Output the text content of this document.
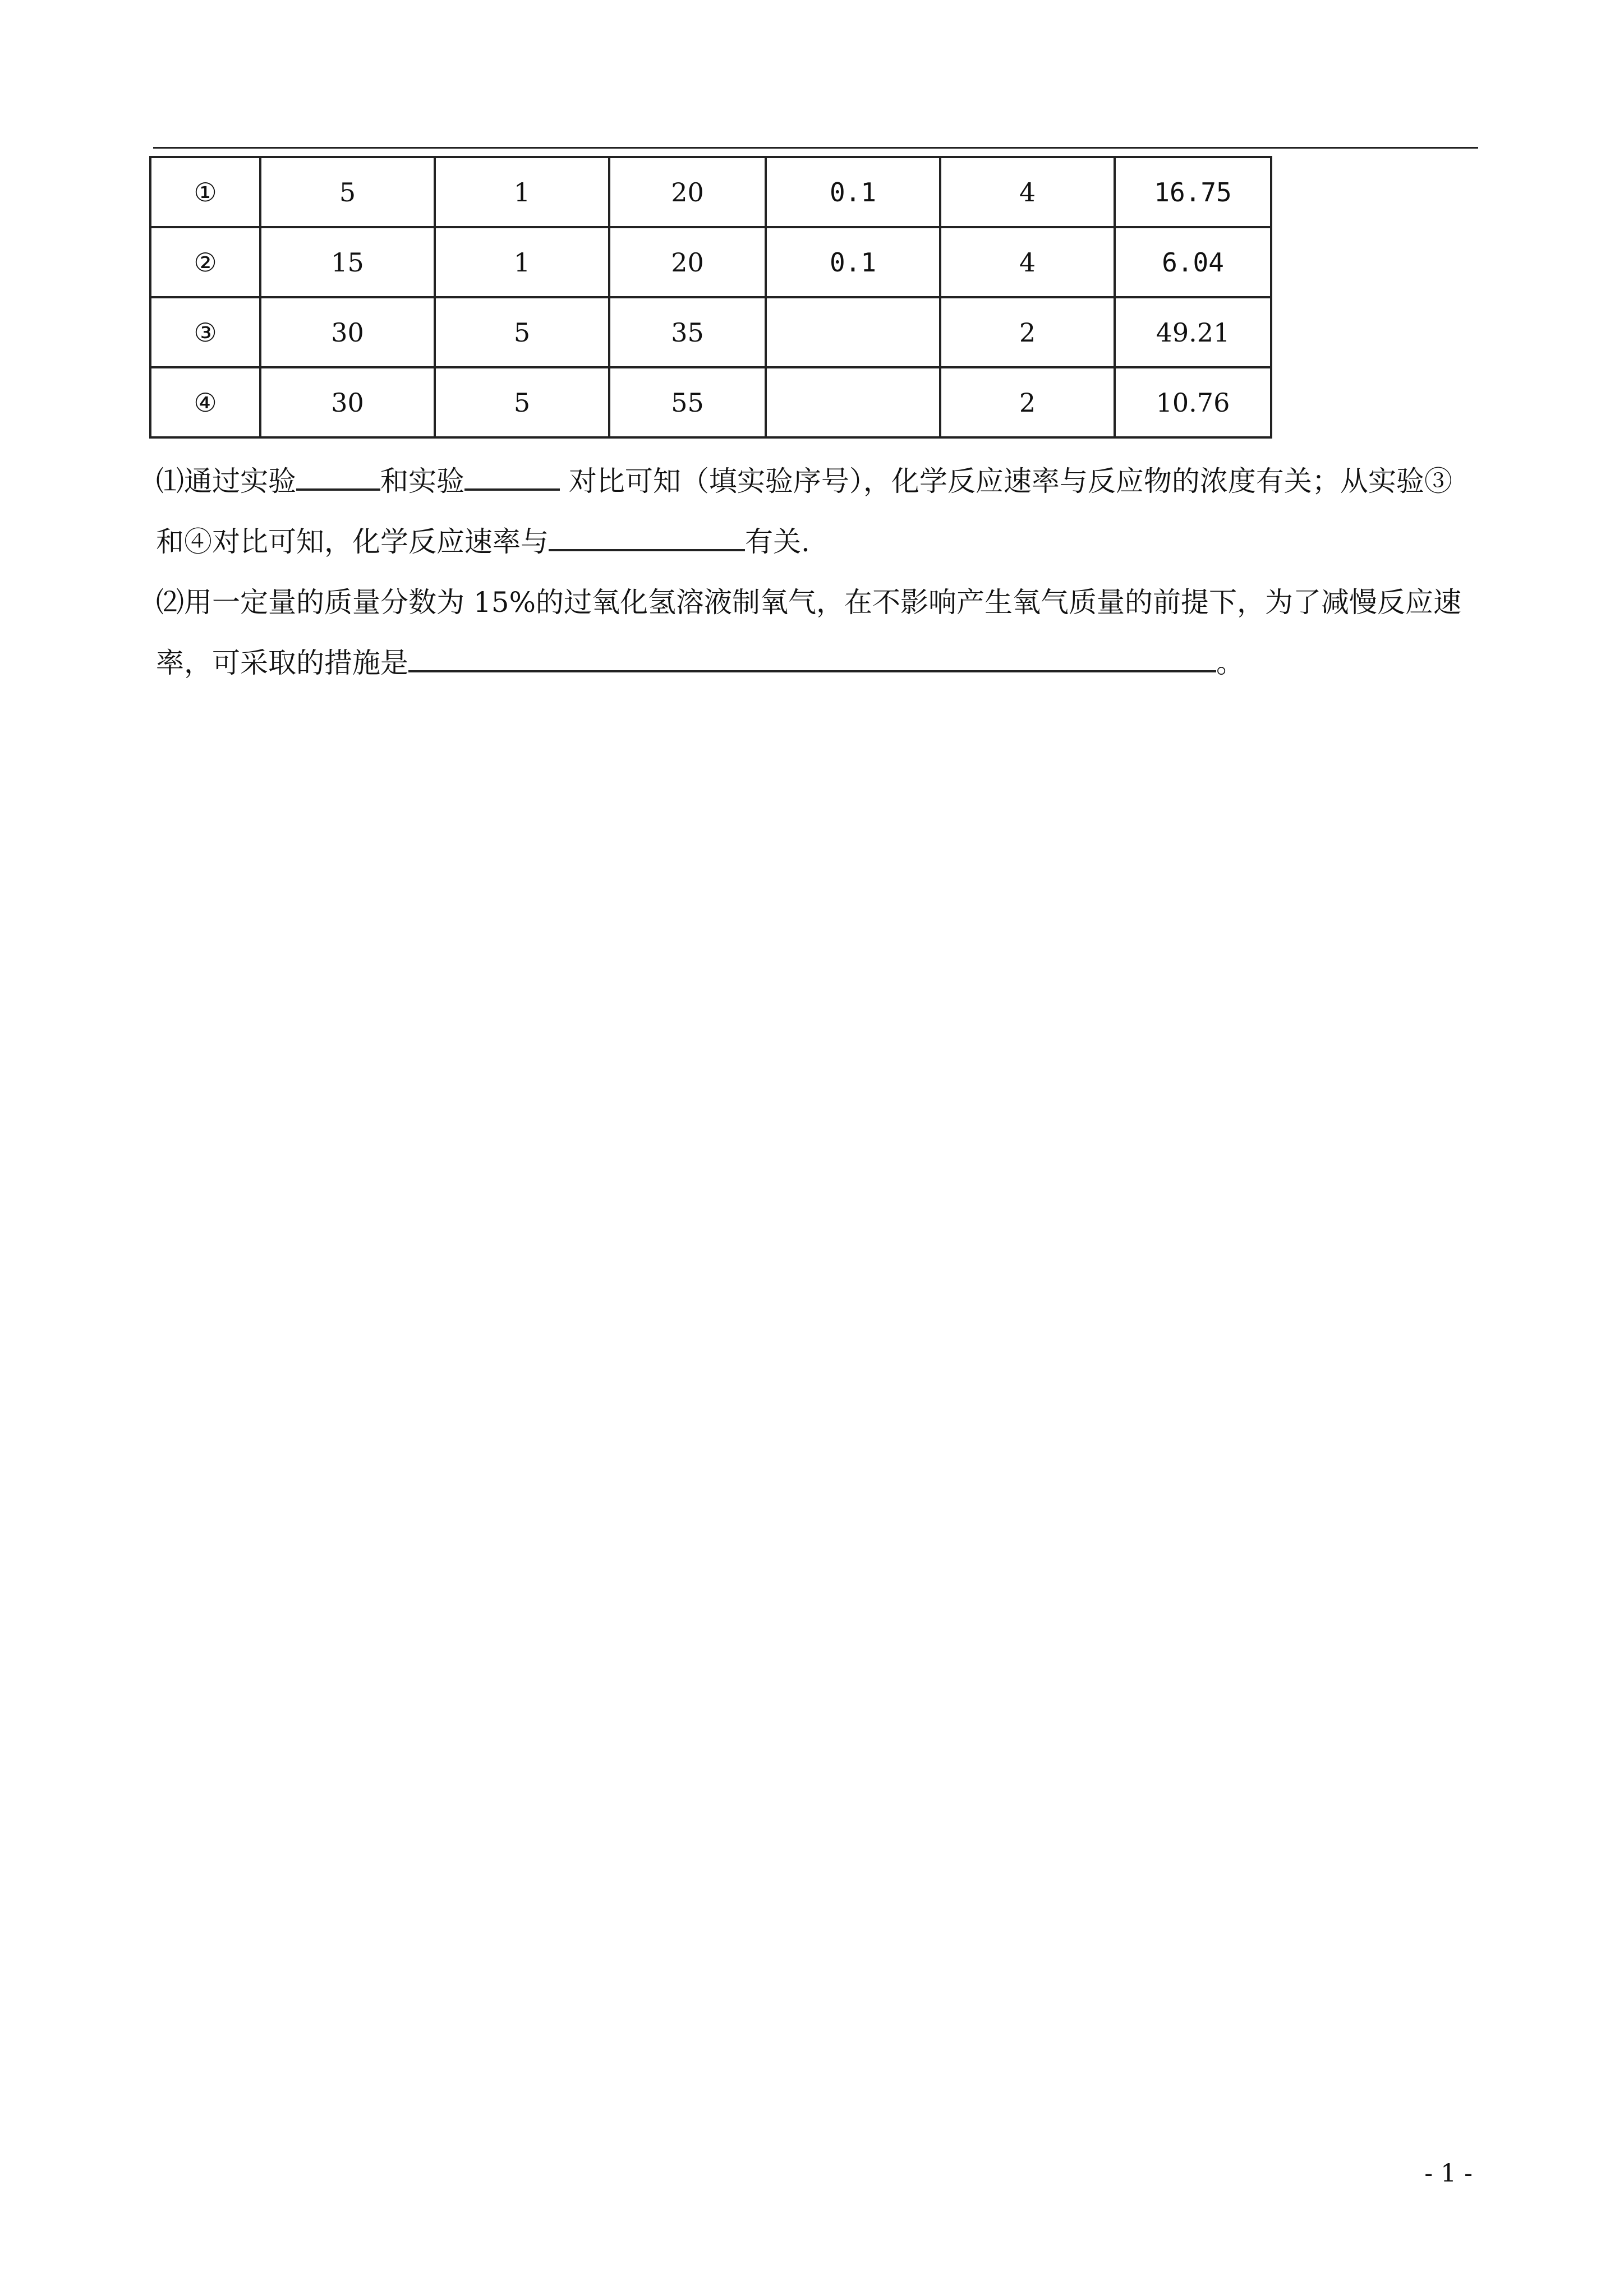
①	5	1	20	0.1	4	16.75
②	15	1	20	0.1	4	6.04
③	30	5	35		2	49.21
④	30	5	55		2	10.76
⑴通过实验	和实验	对比可知（填实验序号），化学反应速率与反应物的浓度有关；从实验③
和④对比可知，化学反应速率与	有关.
⑵用一定量的质量分数为 15%的过氧化氢溶液制氧气，在不影响产生氧气质量的前提下，为了减慢反应速
率，可采取的措施是	。
- 1 -
